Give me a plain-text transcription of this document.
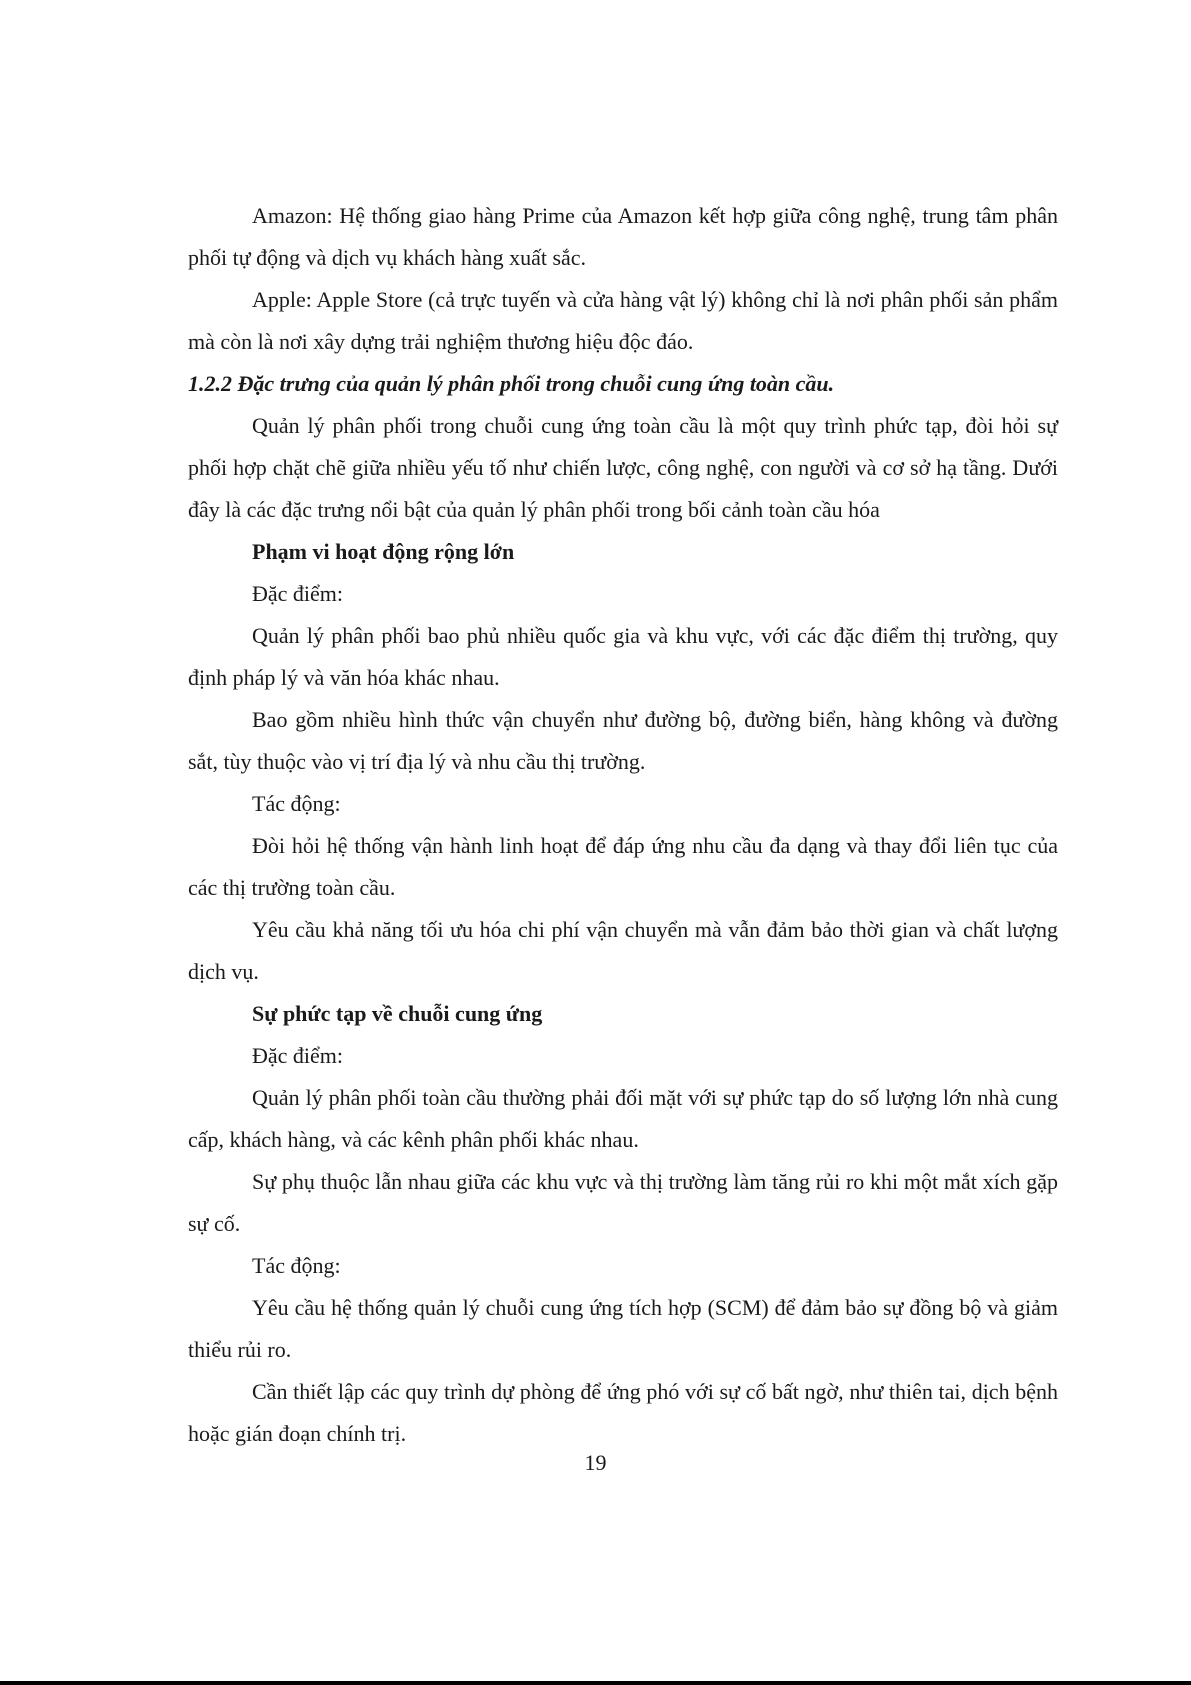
Amazon: Hệ thống giao hàng Prime của Amazon kết hợp giữa công nghệ, trung tâm phân phối tự động và dịch vụ khách hàng xuất sắc.

Apple: Apple Store (cả trực tuyến và cửa hàng vật lý) không chỉ là nơi phân phối sản phẩm mà còn là nơi xây dựng trải nghiệm thương hiệu độc đáo.

1.2.2 Đặc trưng của quản lý phân phối trong chuỗi cung ứng toàn cầu.

Quản lý phân phối trong chuỗi cung ứng toàn cầu là một quy trình phức tạp, đòi hỏi sự phối hợp chặt chẽ giữa nhiều yếu tố như chiến lược, công nghệ, con người và cơ sở hạ tầng. Dưới đây là các đặc trưng nổi bật của quản lý phân phối trong bối cảnh toàn cầu hóa

Phạm vi hoạt động rộng lớn

Đặc điểm:

Quản lý phân phối bao phủ nhiều quốc gia và khu vực, với các đặc điểm thị trường, quy định pháp lý và văn hóa khác nhau.

Bao gồm nhiều hình thức vận chuyển như đường bộ, đường biển, hàng không và đường sắt, tùy thuộc vào vị trí địa lý và nhu cầu thị trường.

Tác động:

Đòi hỏi hệ thống vận hành linh hoạt để đáp ứng nhu cầu đa dạng và thay đổi liên tục của các thị trường toàn cầu.

Yêu cầu khả năng tối ưu hóa chi phí vận chuyển mà vẫn đảm bảo thời gian và chất lượng dịch vụ.

Sự phức tạp về chuỗi cung ứng

Đặc điểm:

Quản lý phân phối toàn cầu thường phải đối mặt với sự phức tạp do số lượng lớn nhà cung cấp, khách hàng, và các kênh phân phối khác nhau.

Sự phụ thuộc lẫn nhau giữa các khu vực và thị trường làm tăng rủi ro khi một mắt xích gặp sự cố.

Tác động:

Yêu cầu hệ thống quản lý chuỗi cung ứng tích hợp (SCM) để đảm bảo sự đồng bộ và giảm thiểu rủi ro.

Cần thiết lập các quy trình dự phòng để ứng phó với sự cố bất ngờ, như thiên tai, dịch bệnh hoặc gián đoạn chính trị.

19
